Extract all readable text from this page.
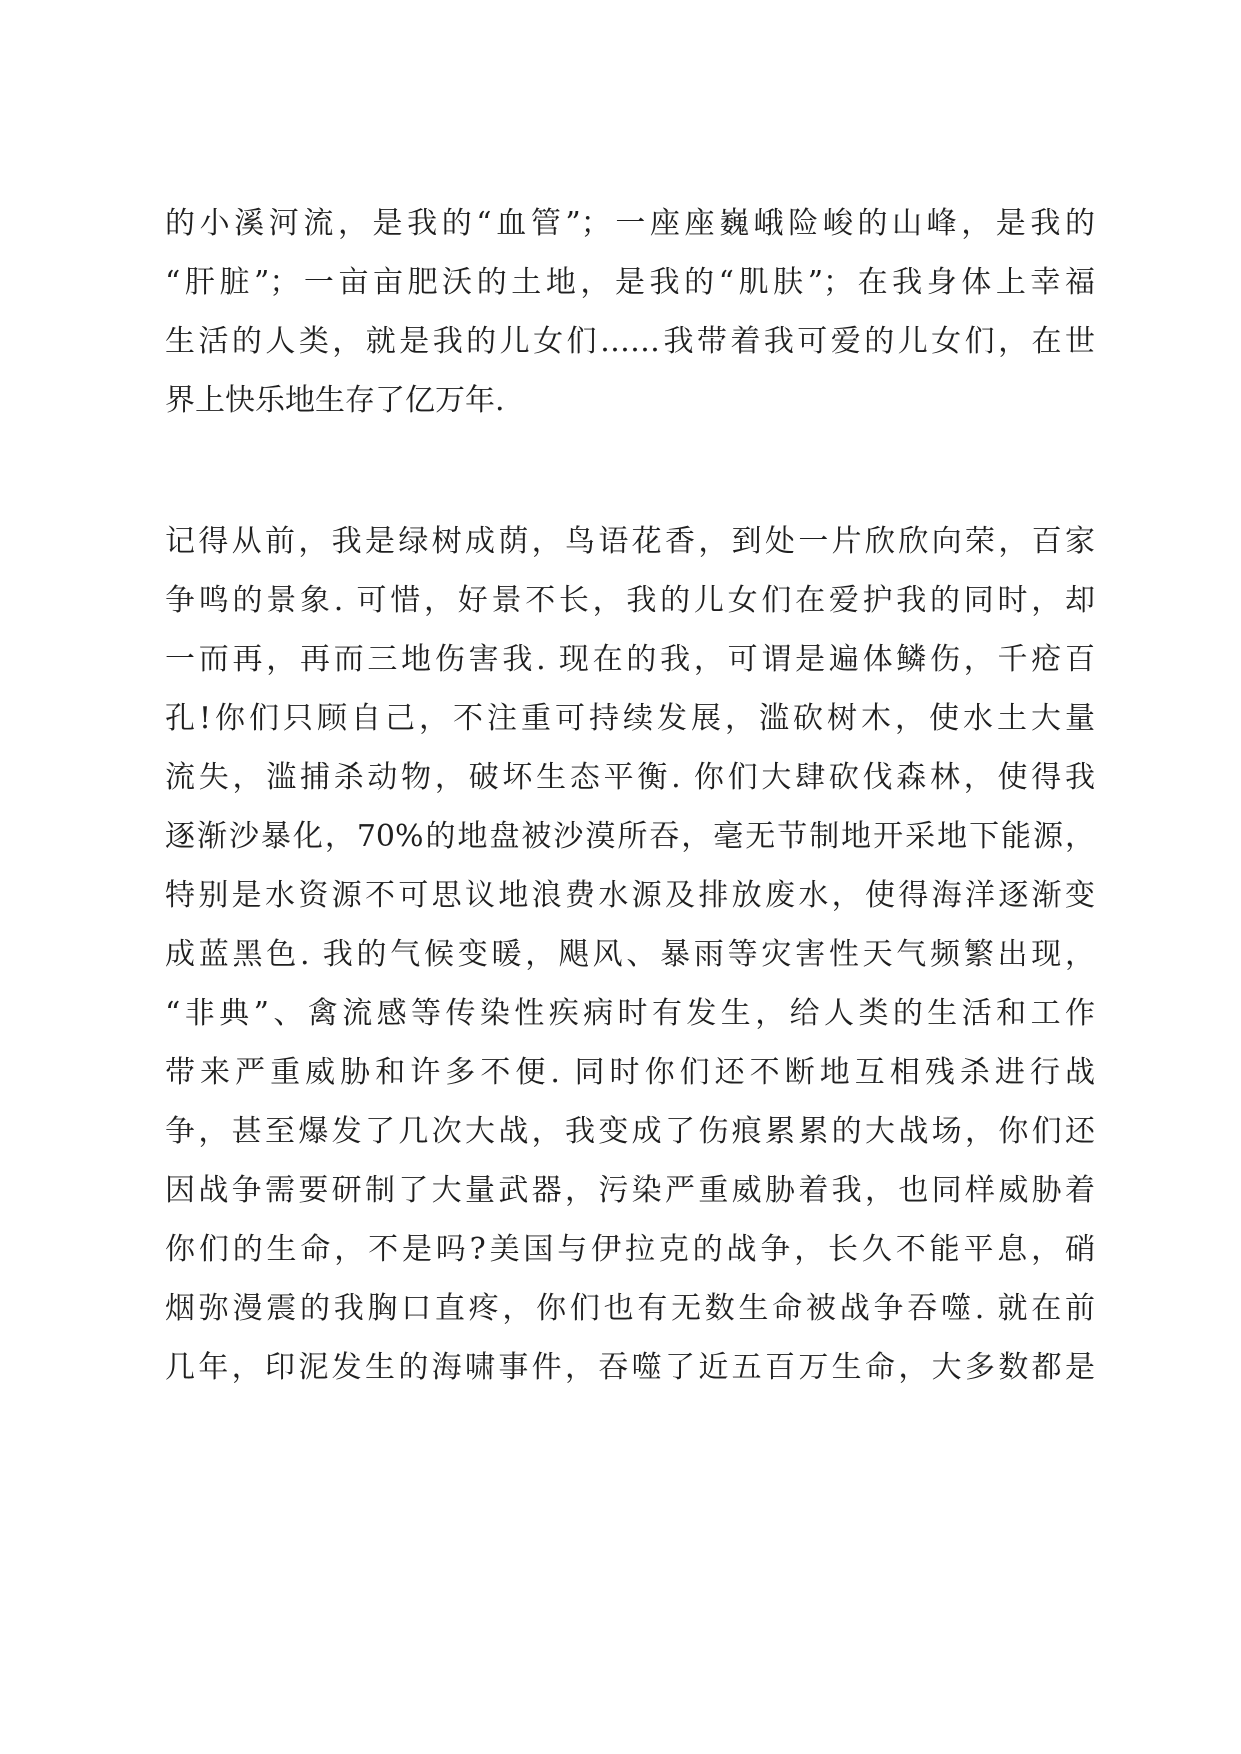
的小溪河流，是我的“血管”；一座座巍峨险峻的山峰，是我的
“肝脏”；一亩亩肥沃的土地，是我的“肌肤”；在我身体上幸福
生活的人类，就是我的儿女们……我带着我可爱的儿女们，在世
界上快乐地生存了亿万年.
记得从前，我是绿树成荫，鸟语花香，到处一片欣欣向荣，百家
争鸣的景象. 可惜，好景不长，我的儿女们在爱护我的同时，却
一而再，再而三地伤害我. 现在的我，可谓是遍体鳞伤，千疮百
孔!你们只顾自己，不注重可持续发展，滥砍树木，使水土大量
流失，滥捕杀动物，破坏生态平衡. 你们大肆砍伐森林，使得我
逐渐沙暴化，70%的地盘被沙漠所吞，毫无节制地开采地下能源，
特别是水资源不可思议地浪费水源及排放废水，使得海洋逐渐变
成蓝黑色. 我的气候变暖，飓风、暴雨等灾害性天气频繁出现，
“非典”、禽流感等传染性疾病时有发生，给人类的生活和工作
带来严重威胁和许多不便. 同时你们还不断地互相残杀进行战
争，甚至爆发了几次大战，我变成了伤痕累累的大战场，你们还
因战争需要研制了大量武器，污染严重威胁着我，也同样威胁着
你们的生命，不是吗?美国与伊拉克的战争，长久不能平息，硝
烟弥漫震的我胸口直疼，你们也有无数生命被战争吞噬. 就在前
几年，印泥发生的海啸事件，吞噬了近五百万生命，大多数都是
